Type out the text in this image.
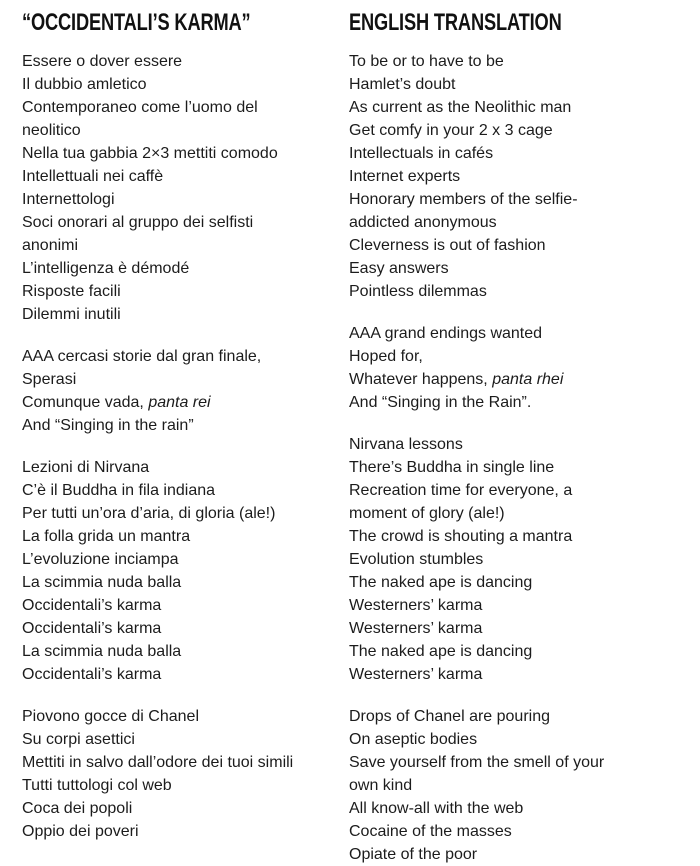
“OCCIDENTALI’S KARMA”
Essere o dover essere
Il dubbio amletico
Contemporaneo come l’uomo del
neolitico
Nella tua gabbia 2×3 mettiti comodo
Intellettuali nei caffè
Internettologi
Soci onorari al gruppo dei selfisti
anonimi
L’intelligenza è démodé
Risposte facili
Dilemmi inutili
AAA cercasi storie dal gran finale,
Sperasi
Comunque vada, panta rei
And “Singing in the rain”
Lezioni di Nirvana
C’è il Buddha in fila indiana
Per tutti un’ora d’aria, di gloria (ale!)
La folla grida un mantra
L’evoluzione inciampa
La scimmia nuda balla
Occidentali’s karma
Occidentali’s karma
La scimmia nuda balla
Occidentali’s karma
Piovono gocce di Chanel
Su corpi asettici
Mettiti in salvo dall’odore dei tuoi simili
Tutti tuttologi col web
Coca dei popoli
Oppio dei poveri
ENGLISH TRANSLATION
To be or to have to be
Hamlet’s doubt
As current as the Neolithic man
Get comfy in your 2 x 3 cage
Intellectuals in cafés
Internet experts
Honorary members of the selfie-
addicted anonymous
Cleverness is out of fashion
Easy answers
Pointless dilemmas
AAA grand endings wanted
Hoped for,
Whatever happens, panta rhei
And “Singing in the Rain”.
Nirvana lessons
There’s Buddha in single line
Recreation time for everyone, a
moment of glory (ale!)
The crowd is shouting a mantra
Evolution stumbles
The naked ape is dancing
Westerners’ karma
Westerners’ karma
The naked ape is dancing
Westerners’ karma
Drops of Chanel are pouring
On aseptic bodies
Save yourself from the smell of your
own kind
All know-all with the web
Cocaine of the masses
Opiate of the poor
